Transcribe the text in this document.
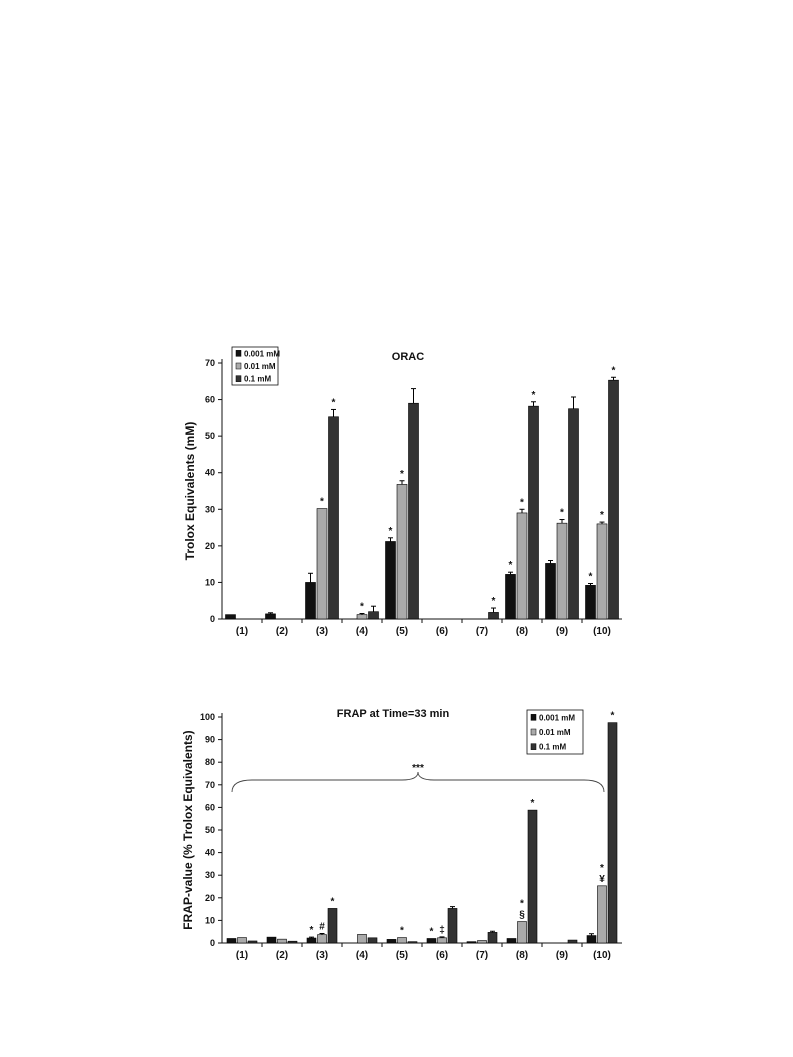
0
10
20
30
40
50
60
70
(1)	(2)	(3)	(4)	(5)	(6)	(7)	(8)	(9) (10)
*
*
*
*
*
*
*
*	*
*
*
*
*
ORAC
Trolox Equivalents (mM)
0.001 mM
0.01 mM
0.1 mM
0
10
20
30
40
50
60
70
80
90
100
(1)	(2)	(3)	(4)	(5)	(6)	(7)	(8)	(9) (10)
*	*
#	*	‡
*
§
*
¥
*
*
*
FRAP at Time=33 min
FRAP-value (% Trolox Equivalents)
0.001 mM
0.01 mM
0.1 mM
***
